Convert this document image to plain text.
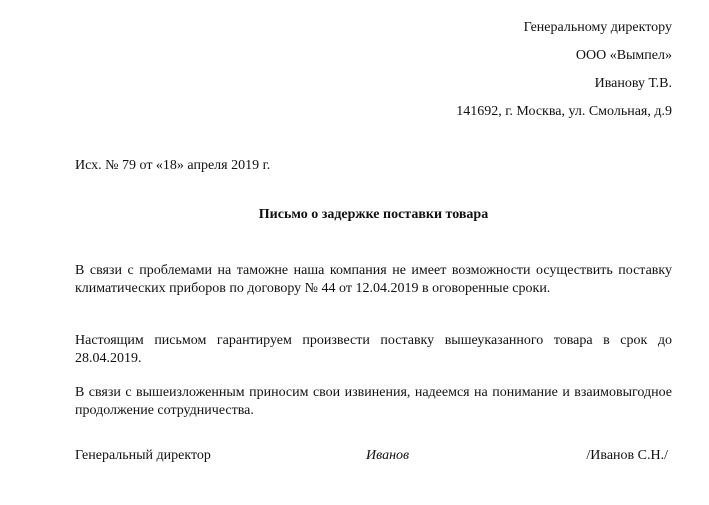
Генеральному директору
ООО «Вымпел»
Иванову Т.В.
141692, г. Москва, ул. Смольная, д.9
Исх. № 79 от «18» апреля 2019 г.
Письмо о задержке поставки товара
В связи с проблемами на таможне наша компания не имеет возможности осуществить поставку климатических приборов по договору № 44 от 12.04.2019 в оговоренные сроки.
Настоящим письмом гарантируем произвести поставку вышеуказанного товара в срок до 28.04.2019.
В связи с вышеизложенным приносим свои извинения, надеемся на понимание и взаимовыгодное продолжение сотрудничества.
Генеральный директор	Иванов	/Иванов С.Н./
